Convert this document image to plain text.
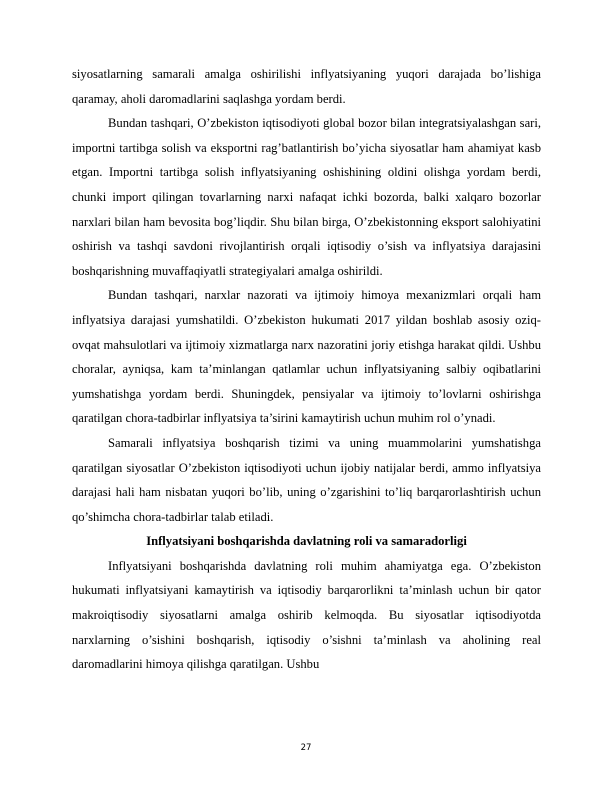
siyosatlarning samarali amalga oshirilishi inflyatsiyaning yuqori darajada bo’lishiga qaramay, aholi daromadlarini saqlashga yordam berdi.

Bundan tashqari, O’zbekiston iqtisodiyoti global bozor bilan integratsiyalashgan sari, importni tartibga solish va eksportni rag’batlantirish bo’yicha siyosatlar ham ahamiyat kasb etgan. Importni tartibga solish inflyatsiyaning oshishining oldini olishga yordam berdi, chunki import qilingan tovarlarning narxi nafaqat ichki bozorda, balki xalqaro bozorlar narxlari bilan ham bevosita bog’liqdir. Shu bilan birga, O’zbekistonning eksport salohiyatini oshirish va tashqi savdoni rivojlantirish orqali iqtisodiy o’sish va inflyatsiya darajasini boshqarishning muvaffaqiyatli strategiyalari amalga oshirildi.

Bundan tashqari, narxlar nazorati va ijtimoiy himoya mexanizmlari orqali ham inflyatsiya darajasi yumshatildi. O’zbekiston hukumati 2017 yildan boshlab asosiy oziq-ovqat mahsulotlari va ijtimoiy xizmatlarga narx nazoratini joriy etishga harakat qildi. Ushbu choralar, ayniqsa, kam ta’minlangan qatlamlar uchun inflyatsiyaning salbiy oqibatlarini yumshatishga yordam berdi. Shuningdek, pensiyalar va ijtimoiy to’lovlarni oshirishga qaratilgan chora-tadbirlar inflyatsiya ta’sirini kamaytirish uchun muhim rol o’ynadi.

Samarali inflyatsiya boshqarish tizimi va uning muammolarini yumshatishga qaratilgan siyosatlar O’zbekiston iqtisodiyoti uchun ijobiy natijalar berdi, ammo inflyatsiya darajasi hali ham nisbatan yuqori bo’lib, uning o’zgarishini to’liq barqarorlashtirish uchun qo’shimcha chora-tadbirlar talab etiladi.

Inflyatsiyani boshqarishda davlatning roli va samaradorligi

Inflyatsiyani boshqarishda davlatning roli muhim ahamiyatga ega. O’zbekiston hukumati inflyatsiyani kamaytirish va iqtisodiy barqarorlikni ta’minlash uchun bir qator makroiqtisodiy siyosatlarni amalga oshirib kelmoqda. Bu siyosatlar iqtisodiyotda narxlarning o’sishini boshqarish, iqtisodiy o’sishni ta’minlash va aholining real daromadlarini himoya qilishga qaratilgan. Ushbu

27
